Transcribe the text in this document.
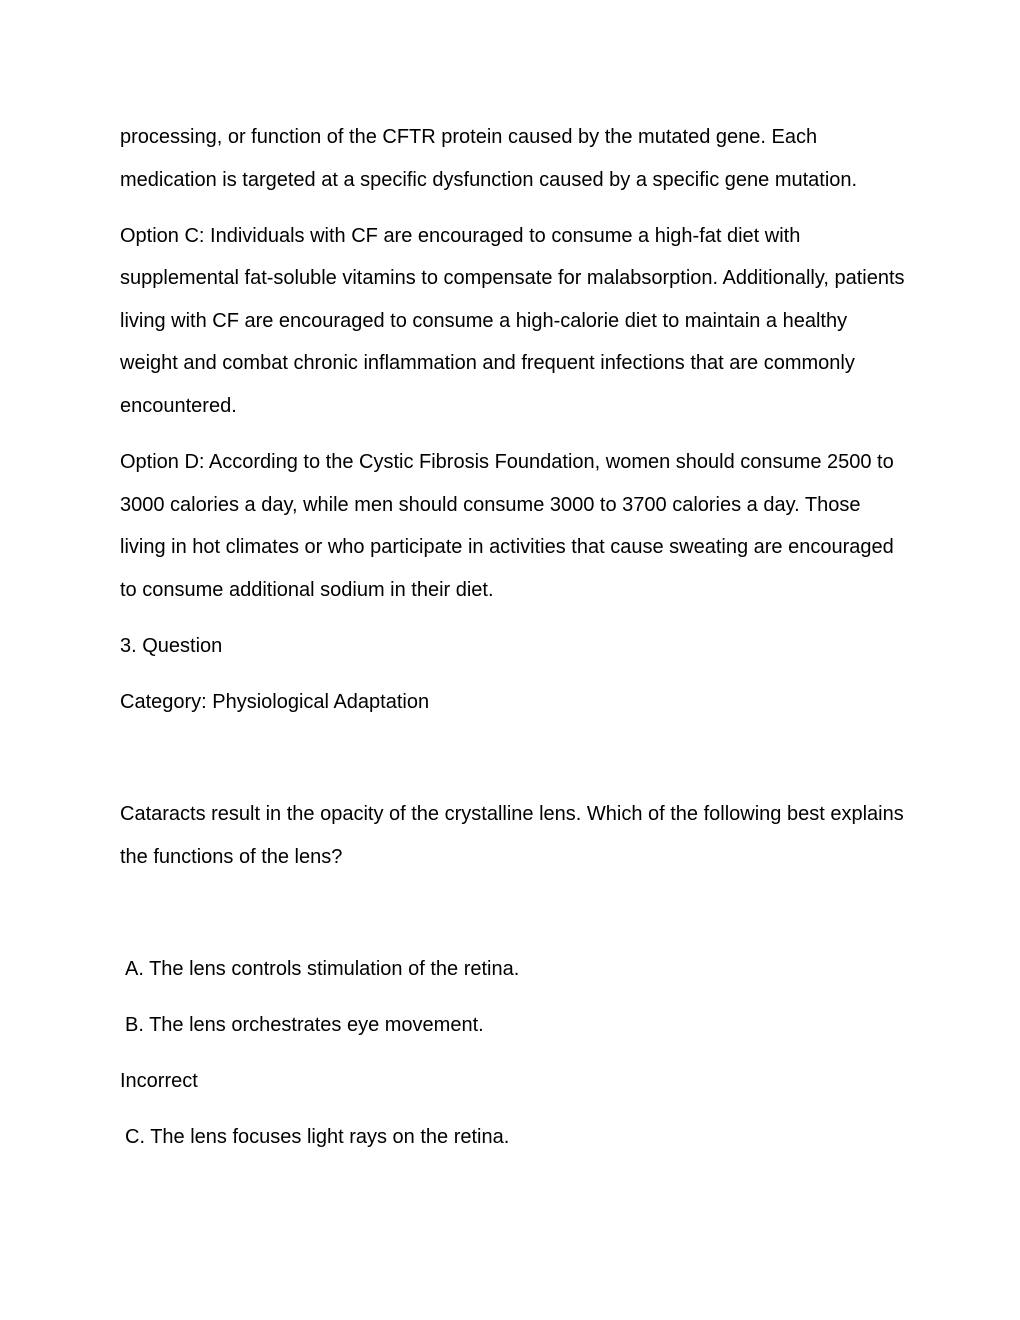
processing, or function of the CFTR protein caused by the mutated gene. Each medication is targeted at a specific dysfunction caused by a specific gene mutation.

Option C: Individuals with CF are encouraged to consume a high-fat diet with supplemental fat-soluble vitamins to compensate for malabsorption. Additionally, patients living with CF are encouraged to consume a high-calorie diet to maintain a healthy weight and combat chronic inflammation and frequent infections that are commonly encountered.

Option D: According to the Cystic Fibrosis Foundation, women should consume 2500 to 3000 calories a day, while men should consume 3000 to 3700 calories a day. Those living in hot climates or who participate in activities that cause sweating are encouraged to consume additional sodium in their diet.

3. Question

Category: Physiological Adaptation

Cataracts result in the opacity of the crystalline lens. Which of the following best explains the functions of the lens?

A. The lens controls stimulation of the retina.

B. The lens orchestrates eye movement.

Incorrect

C. The lens focuses light rays on the retina.
